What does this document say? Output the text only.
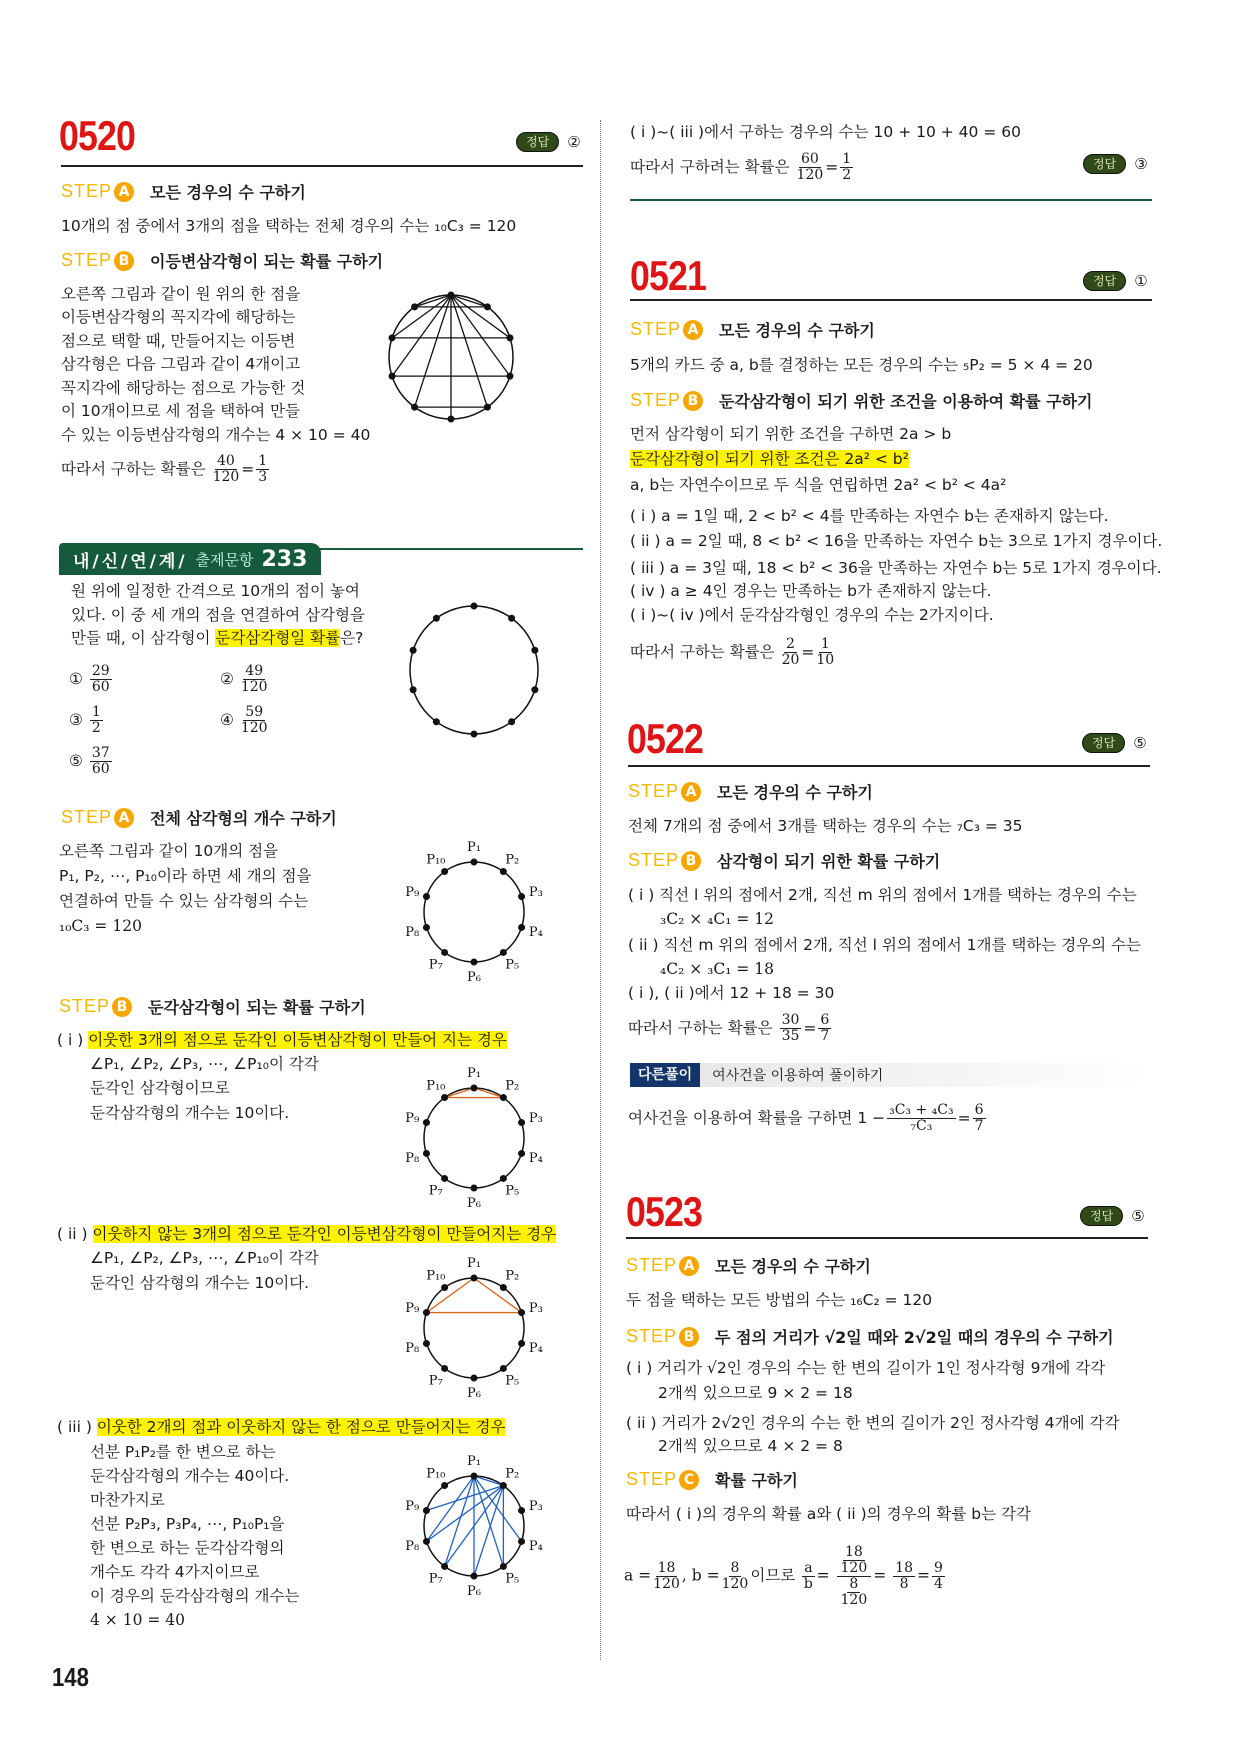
0520	정답	②
STEP A 모든 경우의 수 구하기
10개의 점 중에서 3개의 점을 택하는 전체 경우의 수는 ₁₀C₃ = 120
STEP B 이등변삼각형이 되는 확률 구하기
오른쪽 그림과 같이 원 위의 한 점을
이등변삼각형의 꼭지각에 해당하는
점으로 택할 때, 만들어지는 이등변
삼각형은 다음 그림과 같이 4개이고
꼭지각에 해당하는 점으로 가능한 것
이 10개이므로 세 점을 택하여 만들
수 있는 이등변삼각형의 개수는 4 × 10 = 40
따라서 구하는 확률은 $\frac{40}{120} = \frac{1}{3}$
내/신/연/계/ 출제문항 233
원 위에 일정한 간격으로 10개의 점이 놓여
있다. 이 중 세 개의 점을 연결하여 삼각형을
만들 때, 이 삼각형이 둔각삼각형일 확률은?
① $\frac{29}{60}$	② $\frac{49}{120}$
③ $\frac{1}{2}$	④ $\frac{59}{120}$
⑤ $\frac{37}{60}$
STEP A 전체 삼각형의 개수 구하기
오른쪽 그림과 같이 10개의 점을
P₁, P₂, ⋯, P₁₀이라 하면 세 개의 점을
연결하여 만들 수 있는 삼각형의 수는
₁₀C₃ = 120
P₁
P₂
P₃
P₄
P₅
P₆
P₇
P₈
P₉
P₁₀
STEP B 둔각삼각형이 되는 확률 구하기
( i ) 이웃한 3개의 점으로 둔각인 이등변삼각형이 만들어 지는 경우
∠P₁, ∠P₂, ∠P₃, ⋯, ∠P₁₀이 각각
둔각인 삼각형이므로
둔각삼각형의 개수는 10이다.
P₁
P₂
P₃
P₄
P₅
P₆
P₇
P₈
P₉
P₁₀
( ii ) 이웃하지 않는 3개의 점으로 둔각인 이등변삼각형이 만들어지는 경우
∠P₁, ∠P₂, ∠P₃, ⋯, ∠P₁₀이 각각
둔각인 삼각형의 개수는 10이다.
P₁
P₂
P₃
P₄
P₅
P₆
P₇
P₈
P₉
P₁₀
( iii ) 이웃한 2개의 점과 이웃하지 않는 한 점으로 만들어지는 경우
선분 P₁P₂를 한 변으로 하는
둔각삼각형의 개수는 40이다.
마찬가지로
선분 P₂P₃, P₃P₄, ⋯, P₁₀P₁을
한 변으로 하는 둔각삼각형의
개수도 각각 4가지이므로
이 경우의 둔각삼각형의 개수는
4 × 10 = 40
P₁
P₂
P₃
P₄
P₅
P₆
P₇
P₈
P₉
P₁₀
148
( i )~( iii )에서 구하는 경우의 수는 10 + 10 + 40 = 60
따라서 구하려는 확률은 $\frac{60}{120} = \frac{1}{2}$	정답	③
0521	정답	①
STEP A 모든 경우의 수 구하기
5개의 카드 중 a, b를 결정하는 모든 경우의 수는 ₅P₂ = 5 × 4 = 20
STEP B 둔각삼각형이 되기 위한 조건을 이용하여 확률 구하기
먼저 삼각형이 되기 위한 조건을 구하면 2a > b
둔각삼각형이 되기 위한 조건은 2a² < b²
a, b는 자연수이므로 두 식을 연립하면 2a² < b² < 4a²
( i ) a = 1일 때, 2 < b² < 4를 만족하는 자연수 b는 존재하지 않는다.
( ii ) a = 2일 때, 8 < b² < 16을 만족하는 자연수 b는 3으로 1가지 경우이다.
( iii ) a = 3일 때, 18 < b² < 36을 만족하는 자연수 b는 5로 1가지 경우이다.
( iv ) a ≥ 4인 경우는 만족하는 b가 존재하지 않는다.
( i )~( iv )에서 둔각삼각형인 경우의 수는 2가지이다.
따라서 구하는 확률은 $\frac{2}{20} = \frac{1}{10}$
0522	정답	⑤
STEP A 모든 경우의 수 구하기
전체 7개의 점 중에서 3개를 택하는 경우의 수는 ₇C₃ = 35
STEP B 삼각형이 되기 위한 확률 구하기
( i ) 직선 l 위의 점에서 2개, 직선 m 위의 점에서 1개를 택하는 경우의 수는
₃C₂ × ₄C₁ = 12
( ii ) 직선 m 위의 점에서 2개, 직선 l 위의 점에서 1개를 택하는 경우의 수는
₄C₂ × ₃C₁ = 18
( i ), ( ii )에서 12 + 18 = 30
따라서 구하는 확률은 $\frac{30}{35} = \frac{6}{7}$
다른풀이	여사건을 이용하여 풀이하기
여사건을 이용하여 확률을 구하면 $1 - \frac{\text{₃C₃ + ₄C₃}}{\text{₇C₃}} = \frac{6}{7}$
0523	정답	⑤
STEP A 모든 경우의 수 구하기
두 점을 택하는 모든 방법의 수는 ₁₆C₂ = 120
STEP B 두 점의 거리가 √2일 때와 2√2일 때의 경우의 수 구하기
( i ) 거리가 √2인 경우의 수는 한 변의 길이가 1인 정사각형 9개에 각각
2개씩 있으므로 9 × 2 = 18
( ii ) 거리가 2√2인 경우의 수는 한 변의 길이가 2인 정사각형 4개에 각각
2개씩 있으므로 4 × 2 = 8
STEP C	확률 구하기
따라서 ( i )의 경우의 확률 a와 ( ii )의 경우의 확률 b는 각각
$a = \frac{18}{120}$ , $b = \frac{8}{120}$ 이므로 $\frac{a}{b} = \frac{\frac{18}{120}}{\frac{8}{120}} = \frac{18}{8} = \frac{9}{4}$
